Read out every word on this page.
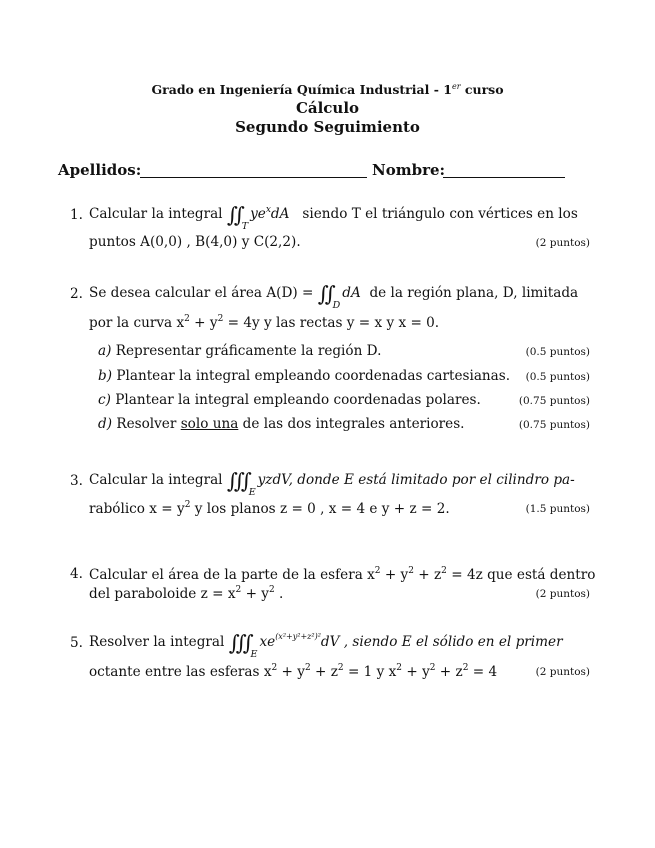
Grado en Ingeniería Química Industrial - 1er curso
Cálculo
Segundo Seguimiento
Apellidos:	Nombre:
1. Calcular la integral ∬ $_Tye^xdA$ siendo T el triángulo con vértices en los
puntos A(0,0) , B(4,0) y C(2,2).	(2 puntos)
2. Se desea calcular el área A(D) = ∬ $_D$dA de la región plana, D, limitada
por la curva $x^2 + y^2 = 4y$ y las rectas y = x y x = 0.
a) Representar gráficamente la región D.	(0.5 puntos)
b) Plantear la integral empleando coordenadas cartesianas. (0.5 puntos)
c) Plantear la integral empleando coordenadas polares.	(0.75 puntos)
d) Resolver solo una de las dos integrales anteriores.	(0.75 puntos)
3. Calcular la integral ∭ $_E$yzdV, donde E está limitado por el cilindro pa-
rabólico $x = y^2$ y los planos z = 0 , x = 4 e y + z = 2.	(1.5 puntos)
4. Calcular el área de la parte de la esfera $x^2 + y^2 + z^2 = 4z$ que está dentro
del paraboloide $z = x^2 + y^2$ .	(2 puntos)
5. Resolver la integral ∭ $_Exe^{(x^2+y^2+z^2)^2}dV$ , siendo E el sólido en el primer
octante entre las esferas $x^2 + y^2 + z^2 = 1$ y $x^2 + y^2 + z^2 = 4$	(2 puntos)
